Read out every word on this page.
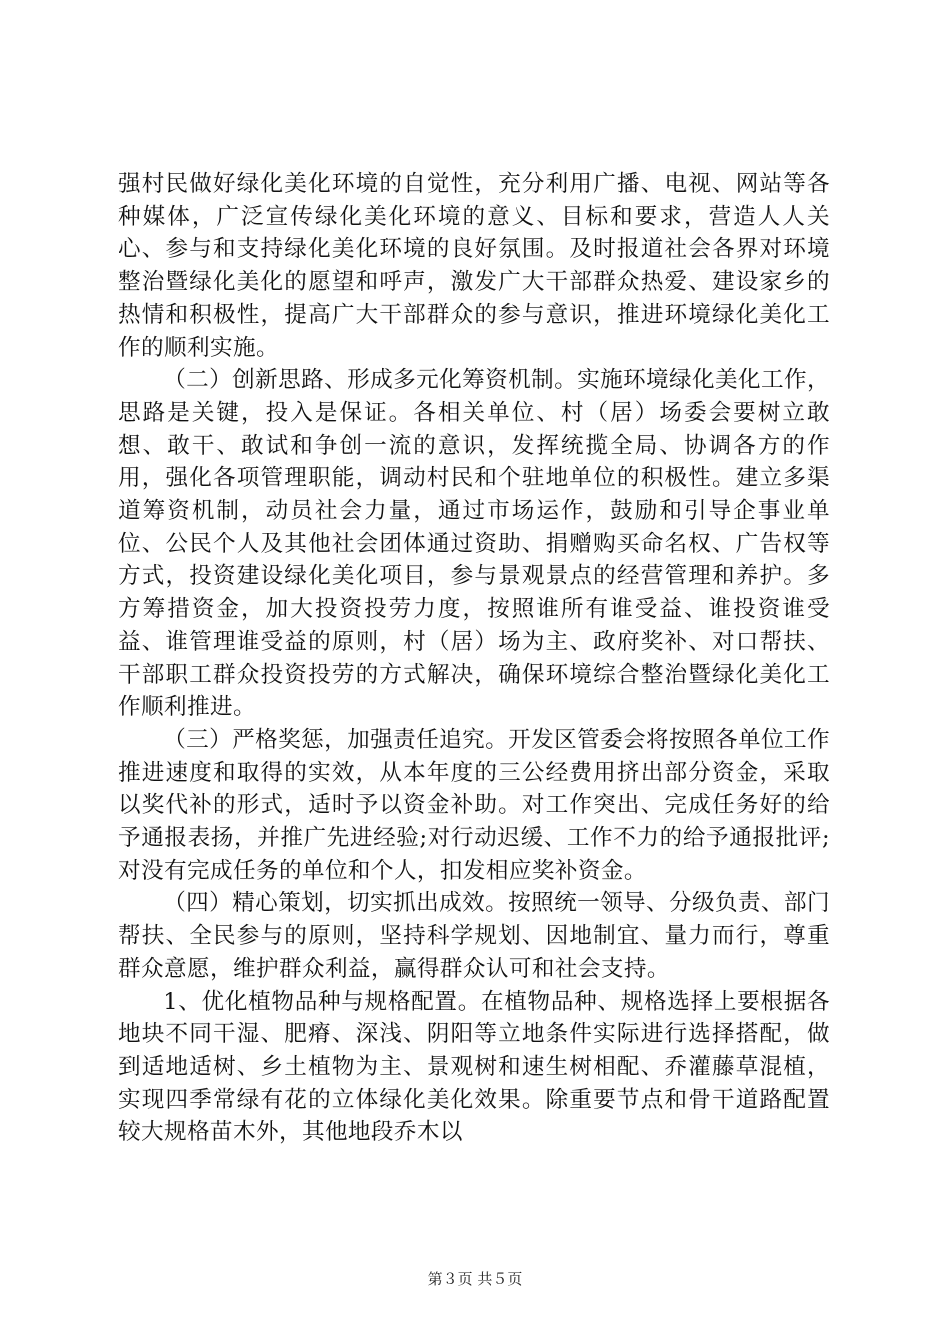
强村民做好绿化美化环境的自觉性，充分利用广播、电视、网站等各种媒体，广泛宣传绿化美化环境的意义、目标和要求，营造人人关心、参与和支持绿化美化环境的良好氛围。及时报道社会各界对环境整治暨绿化美化的愿望和呼声，激发广大干部群众热爱、建设家乡的热情和积极性，提高广大干部群众的参与意识，推进环境绿化美化工作的顺利实施。

（二）创新思路、形成多元化筹资机制。实施环境绿化美化工作，思路是关键，投入是保证。各相关单位、村（居）场委会要树立敢想、敢干、敢试和争创一流的意识，发挥统揽全局、协调各方的作用，强化各项管理职能，调动村民和个驻地单位的积极性。建立多渠道筹资机制，动员社会力量，通过市场运作，鼓励和引导企事业单位、公民个人及其他社会团体通过资助、捐赠购买命名权、广告权等方式，投资建设绿化美化项目，参与景观景点的经营管理和养护。多方筹措资金，加大投资投劳力度，按照谁所有谁受益、谁投资谁受益、谁管理谁受益的原则，村（居）场为主、政府奖补、对口帮扶、干部职工群众投资投劳的方式解决，确保环境综合整治暨绿化美化工作顺利推进。

（三）严格奖惩，加强责任追究。开发区管委会将按照各单位工作推进速度和取得的实效，从本年度的三公经费用挤出部分资金，采取以奖代补的形式，适时予以资金补助。对工作突出、完成任务好的给予通报表扬，并推广先进经验;对行动迟缓、工作不力的给予通报批评;对没有完成任务的单位和个人，扣发相应奖补资金。

（四）精心策划，切实抓出成效。按照统一领导、分级负责、部门帮扶、全民参与的原则，坚持科学规划、因地制宜、量力而行，尊重群众意愿，维护群众利益，赢得群众认可和社会支持。

1、优化植物品种与规格配置。在植物品种、规格选择上要根据各地块不同干湿、肥瘠、深浅、阴阳等立地条件实际进行选择搭配，做到适地适树、乡土植物为主、景观树和速生树相配、乔灌藤草混植，实现四季常绿有花的立体绿化美化效果。除重要节点和骨干道路配置较大规格苗木外，其他地段乔木以

第３页 共５页
